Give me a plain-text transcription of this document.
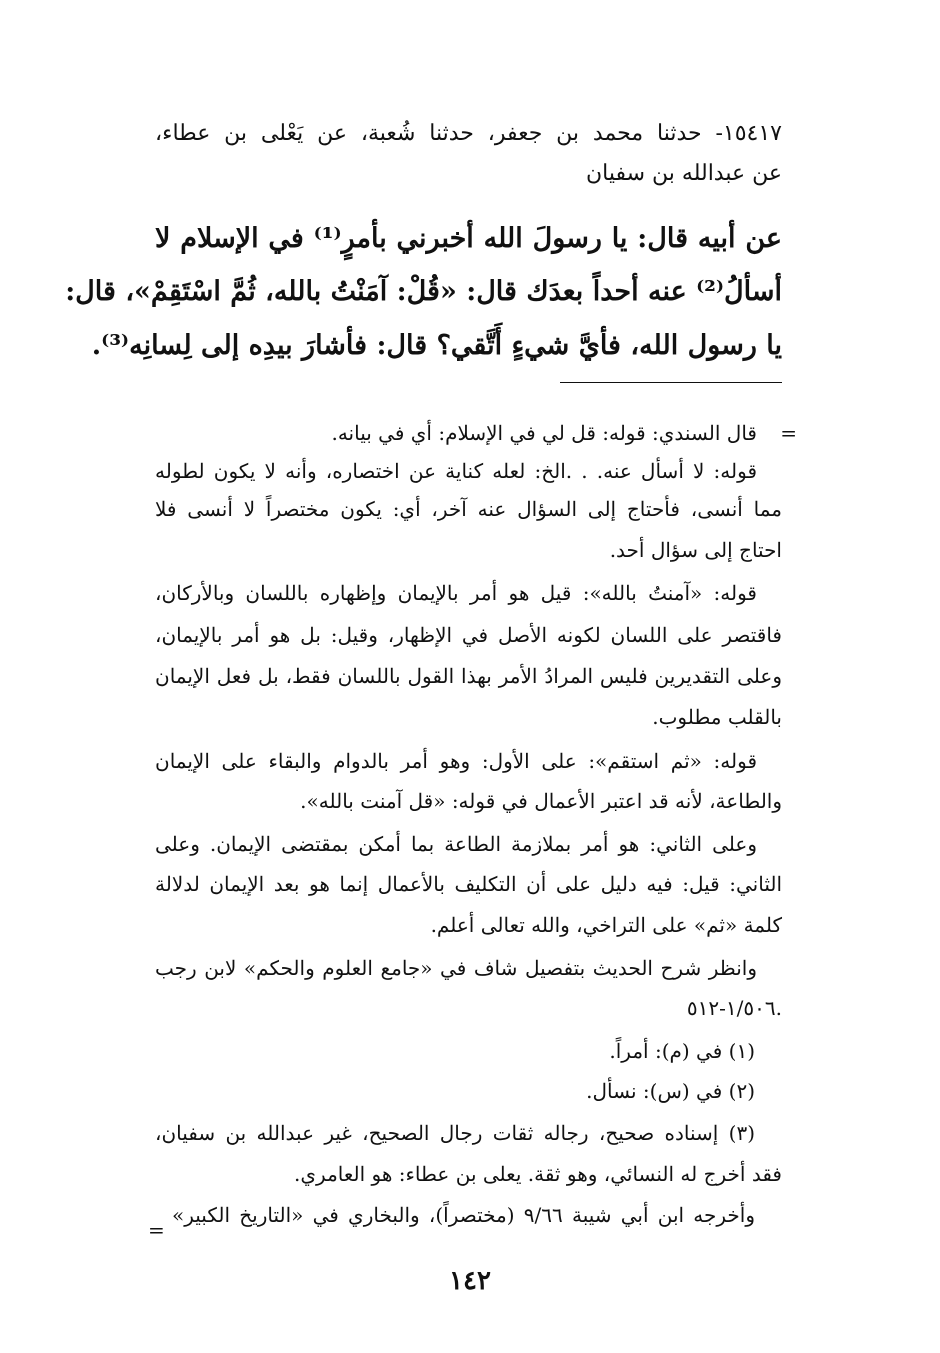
١٥٤١٧- حدثنا محمد بن جعفر، حدثنا شُعبة، عن يَعْلى بن عطاء،
عن عبدالله بن سفيان
عن أبيه قال: يا رسولَ الله أخبرني بأمرٍ⁽¹⁾ في الإسلام لا
أسألُ⁽²⁾ عنه أحداً بعدَك قال: «قُلْ: آمَنْتُ بالله، ثُمَّ اسْتَقِمْ»، قال:
يا رسول الله، فأيَّ شيءٍ أَتَّقي؟ قال: فأشارَ بيدِه إلى لِسانِه⁽³⁾.
=
قال السندي: قوله: قل لي في الإسلام: أي في بيانه.
قوله: لا أسأل عنه. . .الخ: لعله كناية عن اختصاره، وأنه لا يكون لطوله
مما أنسى، فأحتاج إلى السؤال عنه آخر، أي: يكون مختصراً لا أنسى فلا
احتاج إلى سؤال أحد.
قوله: «آمنتُ بالله»: قيل هو أمر بالإيمان وإظهاره باللسان وبالأركان،
فاقتصر على اللسان لكونه الأصل في الإظهار، وقيل: بل هو أمر بالإيمان،
وعلى التقديرين فليس المرادُ الأمر بهذا القول باللسان فقط، بل فعل الإيمان
بالقلب مطلوب.
قوله: «ثم استقم»: على الأول: وهو أمر بالدوام والبقاء على الإيمان
والطاعة، لأنه قد اعتبر الأعمال في قوله: «قل آمنت بالله».
وعلى الثاني: هو أمر بملازمة الطاعة بما أمكن بمقتضى الإيمان. وعلى
الثاني: قيل: فيه دليل على أن التكليف بالأعمال إنما هو بعد الإيمان لدلالة
كلمة «ثم» على التراخي، والله تعالى أعلم.
وانظر شرح الحديث بتفصيل شاف في «جامع العلوم والحكم» لابن رجب
١/٥٠٦-٥١٢.
(١) في (م): أمراً.
(٢) في (س): نسأل.
(٣) إسناده صحيح، رجاله ثقات رجال الصحيح، غير عبدالله بن سفيان،
فقد أخرج له النسائي، وهو ثقة. يعلى بن عطاء: هو العامري.
وأخرجه ابن أبي شيبة ٩/٦٦ (مختصراً)، والبخاري في «التاريخ الكبير»
=
١٤٢
